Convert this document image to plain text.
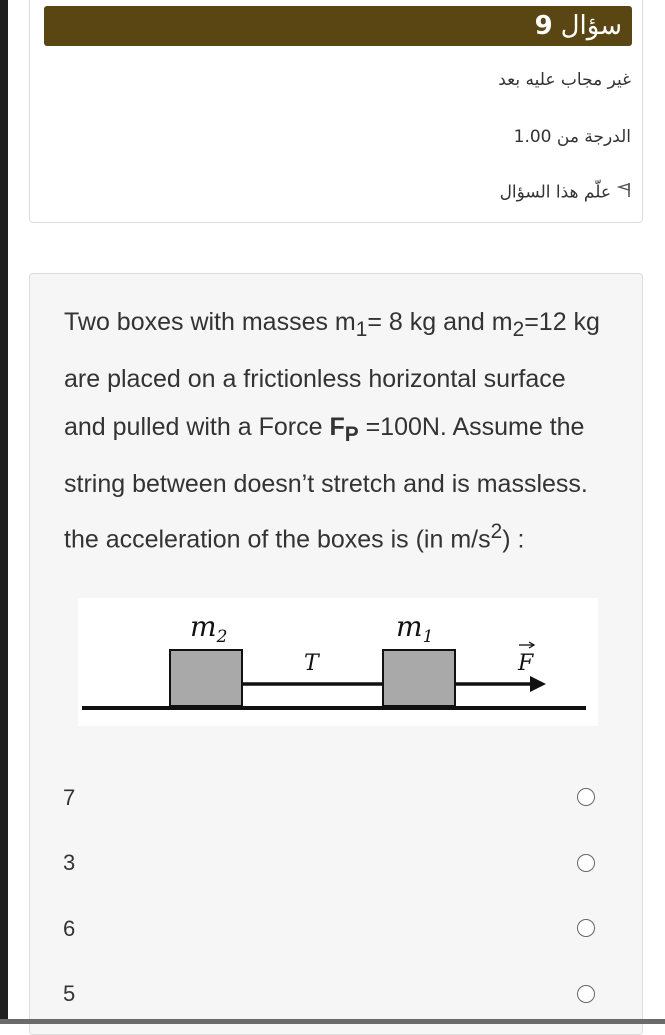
سؤال
9
غير مجاب عليه بعد
الدرجة من 1.00
علّم هذا السؤال
Two boxes with masses $m_1= 8$ kg and $m_2=12$ kg are placed on a frictionless horizontal surface and pulled with a Force $F_P =100N$. Assume the string between doesn’t stretch and is massless. the acceleration of the boxes is (in $m/s^2$) :
$m_2$	$m_1$
T	F
7
3
6
5
